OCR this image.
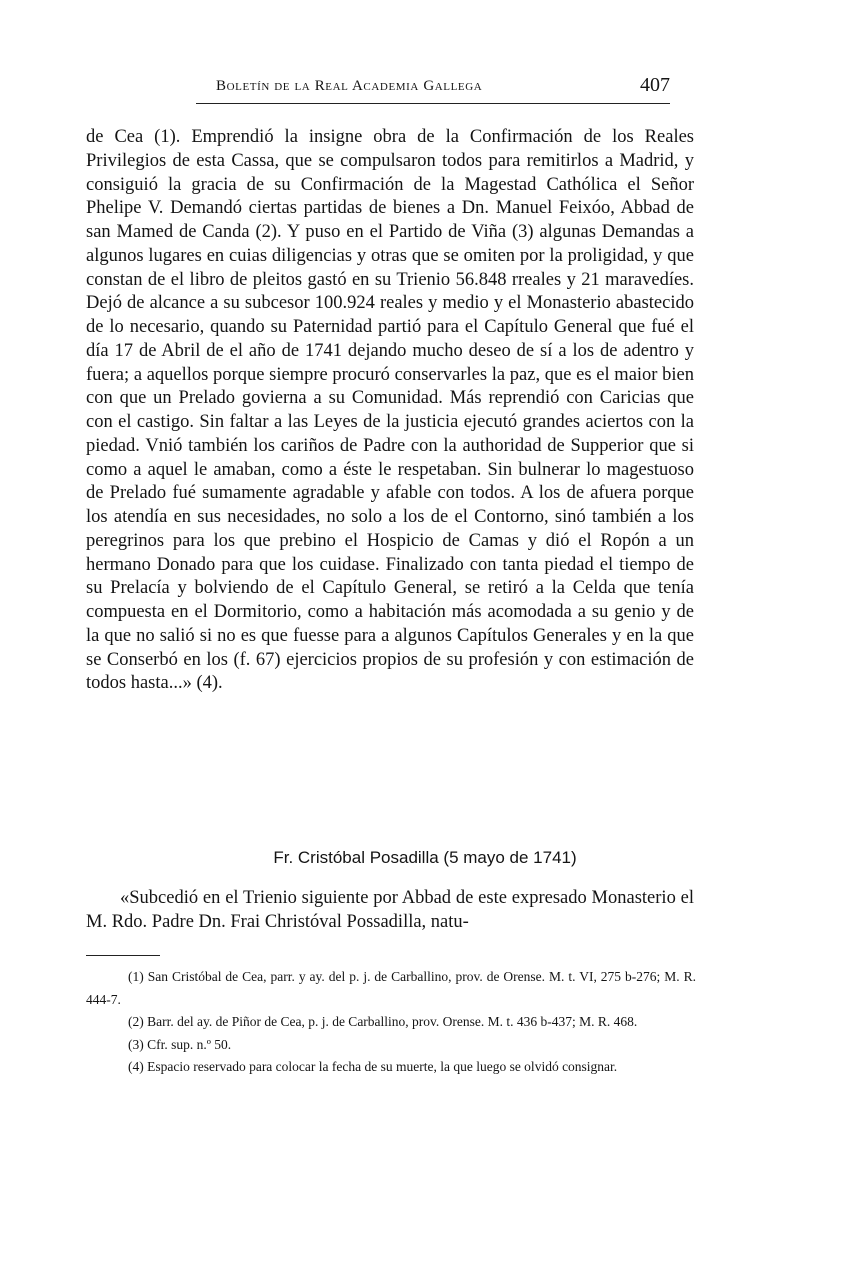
Boletín de la Real Academia Gallega	407

de Cea (1). Emprendió la insigne obra de la Confirmación de los Reales Privilegios de esta Cassa, que se compulsaron todos para remitirlos a Madrid, y consiguió la gracia de su Confirmación de la Magestad Cathólica el Señor Phelipe V. Demandó ciertas partidas de bienes a Dn. Manuel Feixóo, Abbad de san Mamed de Canda (2). Y puso en el Partido de Viña (3) algunas Demandas a algunos lugares en cuias diligencias y otras que se omiten por la proligidad, y que constan de el libro de pleitos gastó en su Trienio 56.848 rreales y 21 maravedíes. Dejó de alcance a su subcesor 100.924 reales y medio y el Monasterio abastecido de lo necesario, quando su Paternidad partió para el Capítulo General que fué el día 17 de Abril de el año de 1741 dejando mucho deseo de sí a los de adentro y fuera; a aquellos porque siempre procuró conservarles la paz, que es el maior bien con que un Prelado govierna a su Comunidad. Más reprendió con Caricias que con el castigo. Sin faltar a las Leyes de la justicia ejecutó grandes aciertos con la piedad. Vnió también los cariños de Padre con la authoridad de Supperior que si como a aquel le amaban, como a éste le respetaban. Sin bulnerar lo magestuoso de Prelado fué sumamente agradable y afable con todos. A los de afuera porque los atendía en sus necesidades, no solo a los de el Contorno, sinó también a los peregrinos para los que prebino el Hospicio de Camas y dió el Ropón a un hermano Donado para que los cuidase. Finalizado con tanta piedad el tiempo de su Prelacía y bolviendo de el Capítulo General, se retiró a la Celda que tenía compuesta en el Dormitorio, como a habitación más acomodada a su genio y de la que no salió si no es que fuesse para a algunos Capítulos Generales y en la que se Conserbó en los (f. 67) ejercicios propios de su profesión y con estimación de todos hasta...» (4).

Fr. Cristóbal Posadilla (5 mayo de 1741)

«Subcedió en el Trienio siguiente por Abbad de este expresado Monasterio el M. Rdo. Padre Dn. Frai Christóval Possadilla, natu-

(1) San Cristóbal de Cea, parr. y ay. del p. j. de Carballino, prov. de Orense. M. t. VI, 275 b-276; M. R. 444-7.

(2) Barr. del ay. de Piñor de Cea, p. j. de Carballino, prov. Orense. M. t. 436 b-437; M. R. 468.

(3) Cfr. sup. n.º 50.

(4) Espacio reservado para colocar la fecha de su muerte, la que luego se olvidó consignar.
